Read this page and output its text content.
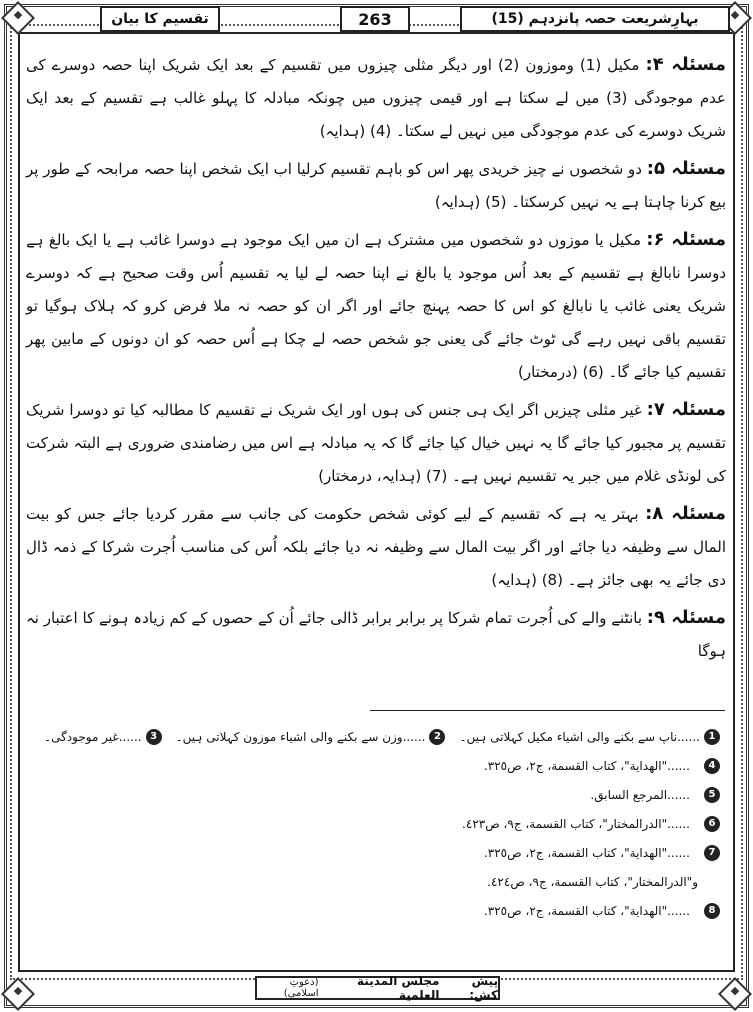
بہارِشریعت حصہ پانزدہم (15)
263
تقسیم کا بیان

مسئلہ ۴: مکیل (1) وموزون (2) اور دیگر مثلی چیزوں میں تقسیم کے بعد ایک شریک اپنا حصہ دوسرے کی عدم موجودگی (3) میں لے سکتا ہے اور قیمی چیزوں میں چونکہ مبادلہ کا پہلو غالب ہے تقسیم کے بعد ایک شریک دوسرے کی عدم موجودگی میں نہیں لے سکتا۔ (4) (ہدایہ)

مسئلہ ۵: دو شخصوں نے چیز خریدی پھر اس کو باہم تقسیم کرلیا اب ایک شخص اپنا حصہ مرابحہ کے طور پر بیع کرنا چاہتا ہے یہ نہیں کرسکتا۔ (5) (ہدایہ)

مسئلہ ۶: مکیل یا موزوں دو شخصوں میں مشترک ہے ان میں ایک موجود ہے دوسرا غائب ہے یا ایک بالغ ہے دوسرا نابالغ ہے تقسیم کے بعد اُس موجود یا بالغ نے اپنا حصہ لے لیا یہ تقسیم اُس وقت صحیح ہے کہ دوسرے شریک یعنی غائب یا نابالغ کو اس کا حصہ پہنچ جائے اور اگر ان کو حصہ نہ ملا فرض کرو کہ ہلاک ہوگیا تو تقسیم باقی نہیں رہے گی ٹوٹ جائے گی یعنی جو شخص حصہ لے چکا ہے اُس حصہ کو ان دونوں کے مابین پھر تقسیم کیا جائے گا۔ (6) (درمختار)

مسئلہ ۷: غیر مثلی چیزیں اگر ایک ہی جنس کی ہوں اور ایک شریک نے تقسیم کا مطالبہ کیا تو دوسرا شریک تقسیم پر مجبور کیا جائے گا یہ نہیں خیال کیا جائے گا کہ یہ مبادلہ ہے اس میں رضامندی ضروری ہے البتہ شرکت کی لونڈی غلام میں جبر یہ تقسیم نہیں ہے۔ (7) (ہدایہ، درمختار)

مسئلہ ۸: بہتر یہ ہے کہ تقسیم کے لیے کوئی شخص حکومت کی جانب سے مقرر کردیا جائے جس کو بیت المال سے وظیفہ دیا جائے اور اگر بیت المال سے وظیفہ نہ دیا جائے بلکہ اُس کی مناسب اُجرت شرکا کے ذمہ ڈال دی جائے یہ بھی جائز ہے۔ (8) (ہدایہ)

مسئلہ ۹: بانٹنے والے کی اُجرت تمام شرکا پر برابر برابر ڈالی جائے اُن کے حصوں کے کم زیادہ ہونے کا اعتبار نہ ہوگا

1
......ناپ سے بکنے والی اشیاء مکیل کہلاتی ہیں۔
2
......وزن سے بکنے والی اشیاء موزون کہلاتی ہیں۔
3
......غیر موجودگی۔
4
......"الهداية"، كتاب القسمة، ج٢، ص٣٢٥.
5
......المرجع السابق.
6
......"الدرالمختار"، كتاب القسمة، ج٩، ص٤٢٣.
7
......"الهداية"، كتاب القسمة، ج٢، ص٣٢٥.
و"الدرالمختار"، كتاب القسمة، ج٩، ص٤٢٤.
8
......"الهداية"، كتاب القسمة، ج٢، ص٣٢٥.
پیش کش:
مجلس المدينة العلمية
(دعوتِ اسلامی)
